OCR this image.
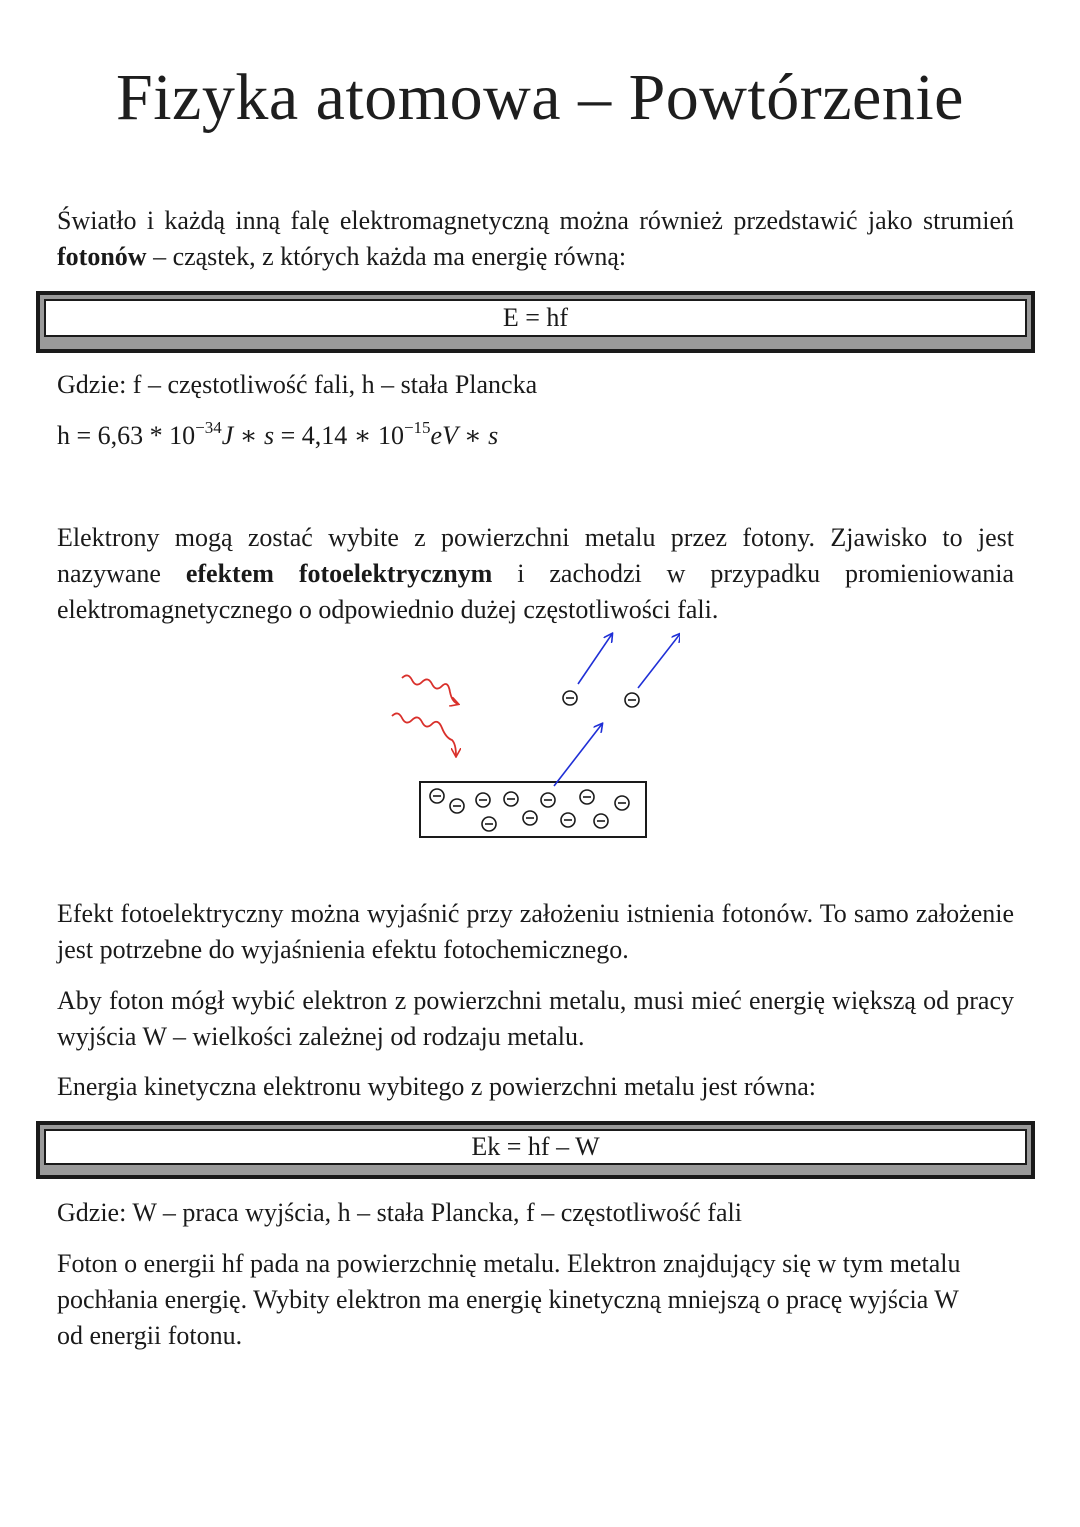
Fizyka atomowa – Powtórzenie

Światło i każdą inną falę elektromagnetyczną można również przedstawić jako strumień fotonów – cząstek, z których każda ma energię równą:

E = hf

Gdzie: f – częstotliwość fali, h – stała Plancka

$h = 6,63 * 10^{-34}J$ ∗ s = 4,14 ∗ $10^{-15}eV$ ∗ s

Elektrony mogą zostać wybite z powierzchni metalu przez fotony. Zjawisko to jest nazywane efektem fotoelektrycznym i zachodzi w przypadku promieniowania elektromagnetycznego o odpowiednio dużej częstotliwości fali.

Efekt fotoelektryczny można wyjaśnić przy założeniu istnienia fotonów. To samo założenie jest potrzebne do wyjaśnienia efektu fotochemicznego.

Aby foton mógł wybić elektron z powierzchni metalu, musi mieć energię większą od pracy wyjścia W – wielkości zależnej od rodzaju metalu.

Energia kinetyczna elektronu wybitego z powierzchni metalu jest równa:

Ek = hf – W

Gdzie: W – praca wyjścia, h – stała Plancka, f – częstotliwość fali

Foton o energii hf pada na powierzchnię metalu. Elektron znajdujący się w tym metalu pochłania energię. Wybity elektron ma energię kinetyczną mniejszą o pracę wyjścia W od energii fotonu.
